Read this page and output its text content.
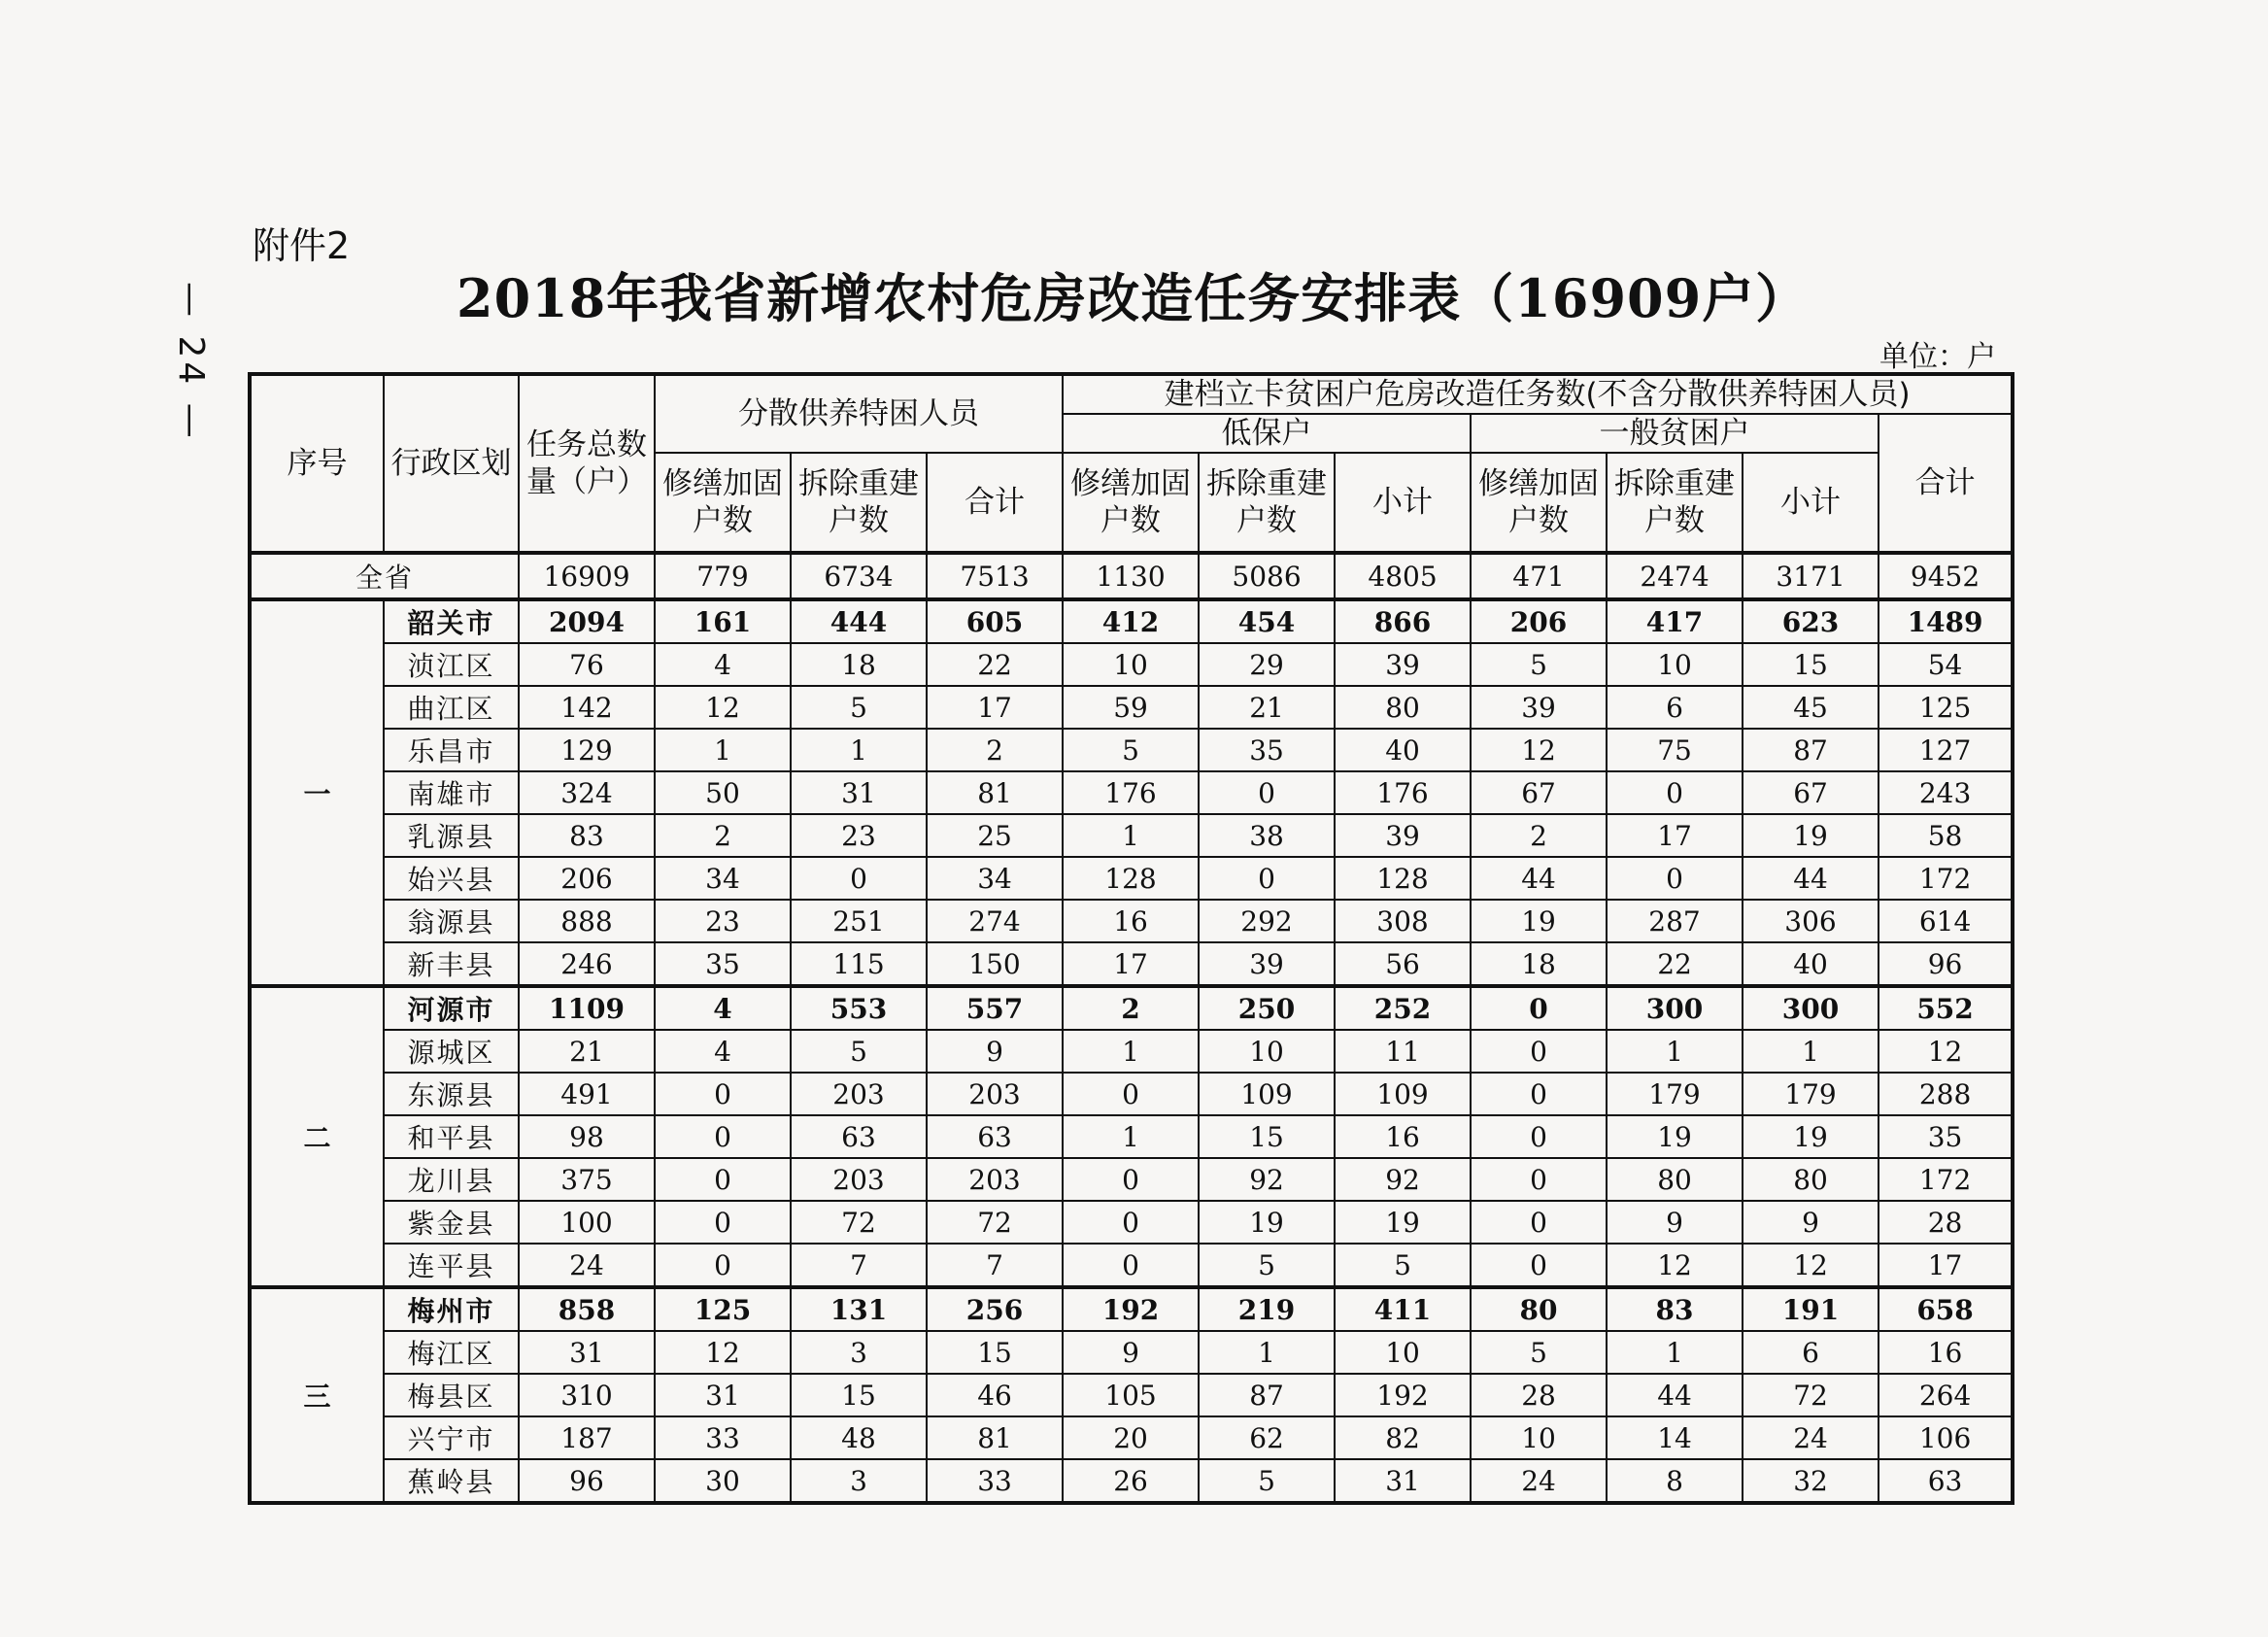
— 24 —
附件2
2018年我省新增农村危房改造任务安排表（16909户）
单位：户
序号	行政区划	任务总数量（户）	分散供养特困人员			建档立卡贫困户危房改造任务数(不含分散供养特困人员)						
						低保户			一般贫困户			合计
			修缮加固户数	拆除重建户数	合计	修缮加固户数	拆除重建户数	小计	修缮加固户数	拆除重建户数	小计	
全省		16909	779	6734	7513	1130	5086	4805	471	2474	3171	9452
一	韶关市	2094	161	444	605	412	454	866	206	417	623	1489
	浈江区	76	4	18	22	10	29	39	5	10	15	54
	曲江区	142	12	5	17	59	21	80	39	6	45	125
	乐昌市	129	1	1	2	5	35	40	12	75	87	127
	南雄市	324	50	31	81	176	0	176	67	0	67	243
	乳源县	83	2	23	25	1	38	39	2	17	19	58
	始兴县	206	34	0	34	128	0	128	44	0	44	172
	翁源县	888	23	251	274	16	292	308	19	287	306	614
	新丰县	246	35	115	150	17	39	56	18	22	40	96
二	河源市	1109	4	553	557	2	250	252	0	300	300	552
	源城区	21	4	5	9	1	10	11	0	1	1	12
	东源县	491	0	203	203	0	109	109	0	179	179	288
	和平县	98	0	63	63	1	15	16	0	19	19	35
	龙川县	375	0	203	203	0	92	92	0	80	80	172
	紫金县	100	0	72	72	0	19	19	0	9	9	28
	连平县	24	0	7	7	0	5	5	0	12	12	17
三	梅州市	858	125	131	256	192	219	411	80	83	191	658
	梅江区	31	12	3	15	9	1	10	5	1	6	16
	梅县区	310	31	15	46	105	87	192	28	44	72	264
	兴宁市	187	33	48	81	20	62	82	10	14	24	106
	蕉岭县	96	30	3	33	26	5	31	24	8	32	63
